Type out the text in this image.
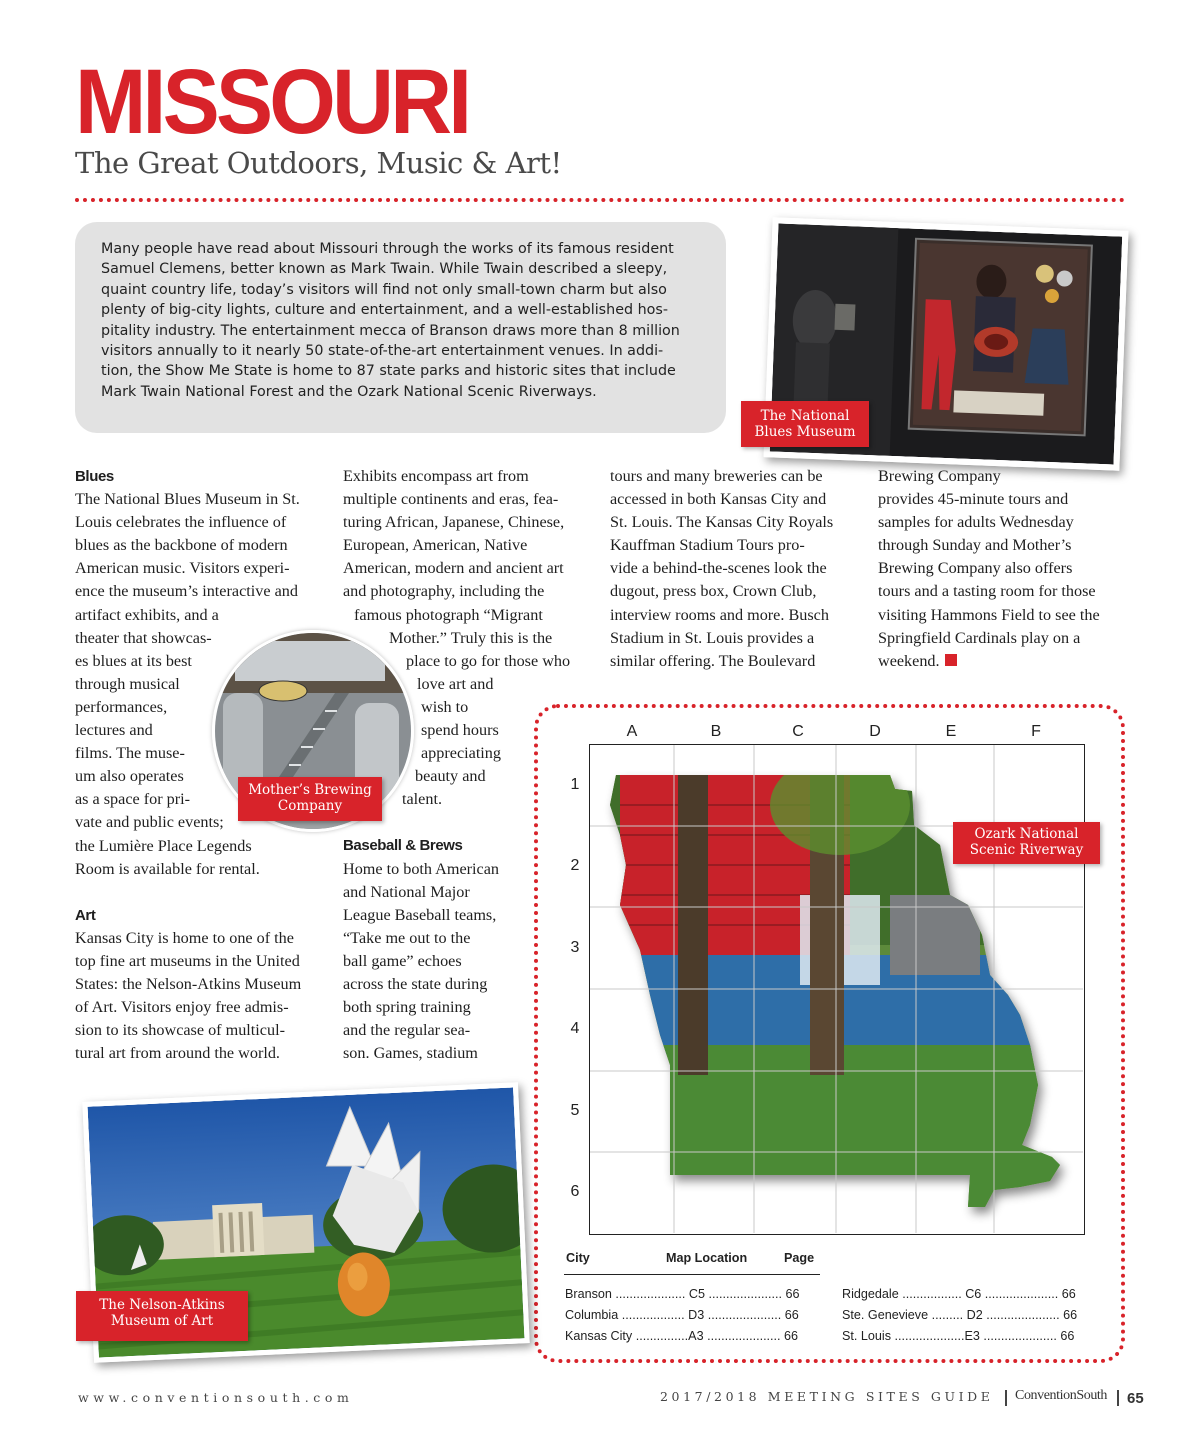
MISSOURI
The Great Outdoors, Music & Art!
Many people have read about Missouri through the works of its famous resident
Samuel Clemens, better known as Mark Twain. While Twain described a sleepy,
quaint country life, today’s visitors will find not only small-town charm but also
plenty of big-city lights, culture and entertainment, and a well-established hos-
pitality industry. The entertainment mecca of Branson draws more than 8 million
visitors annually to it nearly 50 state-of-the-art entertainment venues. In addi-
tion, the Show Me State is home to 87 state parks and historic sites that include
Mark Twain National Forest and the Ozark National Scenic Riverways.
The National
Blues Museum
Blues
The National Blues Museum in St.
Louis celebrates the influence of
blues as the backbone of modern
American music. Visitors experi-
ence the museum’s interactive and
artifact exhibits, and a
theater that showcas-
es blues at its best
through musical
performances,
lectures and
films. The muse-
um also operates
as a space for pri-
vate and public events;
the Lumière Place Legends
Room is available for rental.
Art
Kansas City is home to one of the
top fine art museums in the United
States: the Nelson-Atkins Museum
of Art. Visitors enjoy free admis-
sion to its showcase of multicul-
tural art from around the world.
Exhibits encompass art from
multiple continents and eras, fea-
turing African, Japanese, Chinese,
European, American, Native
American, modern and ancient art
and photography, including the
famous photograph “Migrant
Mother.” Truly this is the
place to go for those who
love art and
wish to
spend hours
appreciating
beauty and
talent.
Baseball & Brews
Home to both American
and National Major
League Baseball teams,
“Take me out to the
ball game” echoes
across the state during
both spring training
and the regular sea-
son. Games, stadium
tours and many breweries can be
accessed in both Kansas City and
St. Louis. The Kansas City Royals
Kauffman Stadium Tours pro-
vide a behind-the-scenes look the
dugout, press box, Crown Club,
interview rooms and more. Busch
Stadium in St. Louis provides a
similar offering. The Boulevard
Brewing Company
provides 45-minute tours and
samples for adults Wednesday
through Sunday and Mother’s
Brewing Company also offers
tours and a tasting room for those
visiting Hammons Field to see the
Springfield Cardinals play on a
weekend.
Mother’s Brewing
Company
A	B	C	D	E	F
1
2
3
4
5
6
Ozark National
Scenic Riverway
City	Map Location	Page
Branson .................... C5 ..................... 66
Columbia .................. D3 ..................... 66
Kansas City ...............A3 ..................... 66
Ridgedale ................. C6 ..................... 66
Ste. Genevieve ......... D2 ..................... 66
St. Louis ....................E3 ..................... 66
The Nelson-Atkins
Museum of Art
www.conventionsouth.com	2017/2018 MEETING SITES GUIDE ConventionSouth 65
